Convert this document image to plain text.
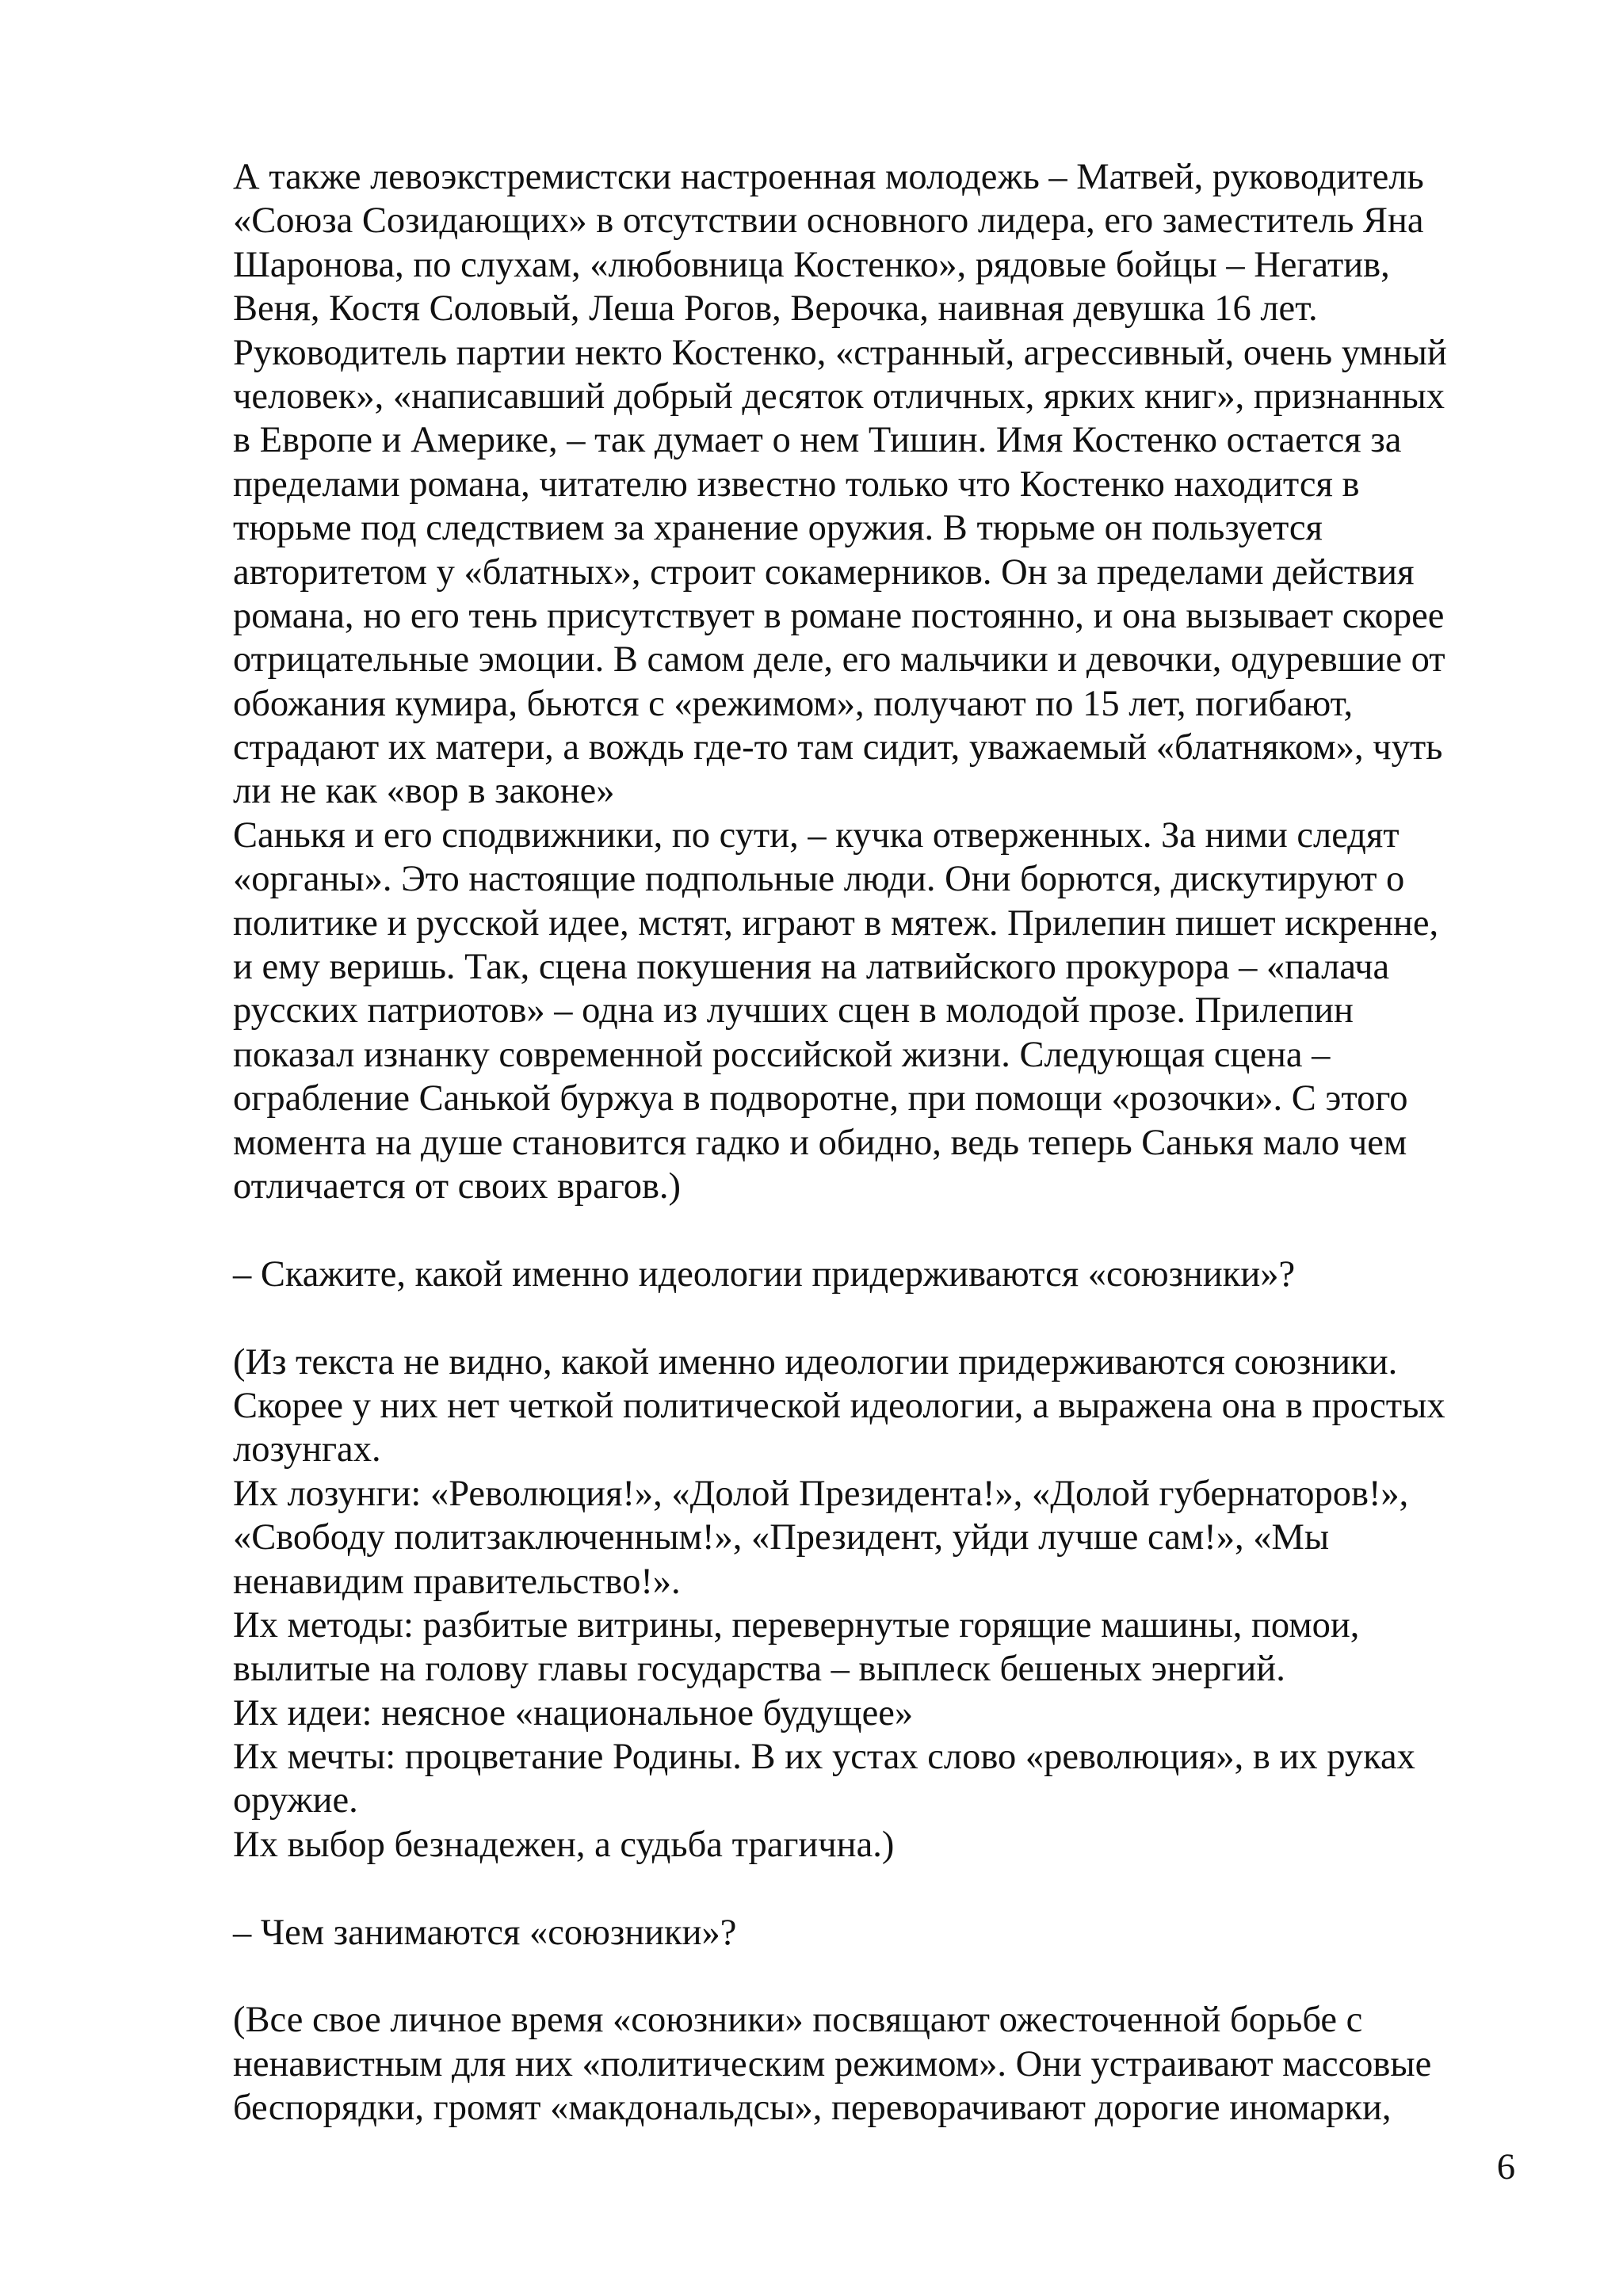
А также левоэкстремистски настроенная молодежь – Матвей, руководитель
«Союза Созидающих» в отсутствии основного лидера, его заместитель Яна
Шаронова, по слухам, «любовница Костенко», рядовые бойцы – Негатив,
Веня, Костя Соловый, Леша Рогов, Верочка, наивная девушка 16 лет.
Руководитель партии некто Костенко, «странный, агрессивный, очень умный
человек», «написавший добрый десяток отличных, ярких книг», признанных
в Европе и Америке, – так думает о нем Тишин. Имя Костенко остается за
пределами романа, читателю известно только что Костенко находится в
тюрьме под следствием за хранение оружия. В тюрьме он пользуется
авторитетом у «блатных», строит сокамерников. Он за пределами действия
романа, но его тень присутствует в романе постоянно, и она вызывает скорее
отрицательные эмоции. В самом деле, его мальчики и девочки, одуревшие от
обожания кумира, бьются с «режимом», получают по 15 лет, погибают,
страдают их матери, а вождь где-то там сидит, уважаемый «блатняком», чуть
ли не как «вор в законе»
Санькя и его сподвижники, по сути, – кучка отверженных. За ними следят
«органы». Это настоящие подпольные люди. Они борются, дискутируют о
политике и русской идее, мстят, играют в мятеж. Прилепин пишет искренне,
и ему веришь. Так, сцена покушения на латвийского прокурора – «палача
русских патриотов» – одна из лучших сцен в молодой прозе. Прилепин
показал изнанку современной российской жизни. Следующая сцена –
ограбление Санькой буржуа в подворотне, при помощи «розочки». С этого
момента на душе становится гадко и обидно, ведь теперь Санькя мало чем
отличается от своих врагов.)
– Скажите, какой именно идеологии придерживаются «союзники»?
(Из текста не видно, какой именно идеологии придерживаются союзники.
Скорее у них нет четкой политической идеологии, а выражена она в простых
лозунгах.
Их лозунги: «Революция!», «Долой Президента!», «Долой губернаторов!»,
«Свободу политзаключенным!», «Президент, уйди лучше сам!», «Мы
ненавидим правительство!».
Их методы: разбитые витрины, перевернутые горящие машины, помои,
вылитые на голову главы государства – выплеск бешеных энергий.
Их идеи: неясное «национальное будущее»
Их мечты: процветание Родины. В их устах слово «революция», в их руках
оружие.
Их выбор безнадежен, а судьба трагична.)
– Чем занимаются «союзники»?
(Все свое личное время «союзники» посвящают ожесточенной борьбе с
ненавистным для них «политическим режимом». Они устраивают массовые
беспорядки, громят «макдональдсы», переворачивают дорогие иномарки,
6
